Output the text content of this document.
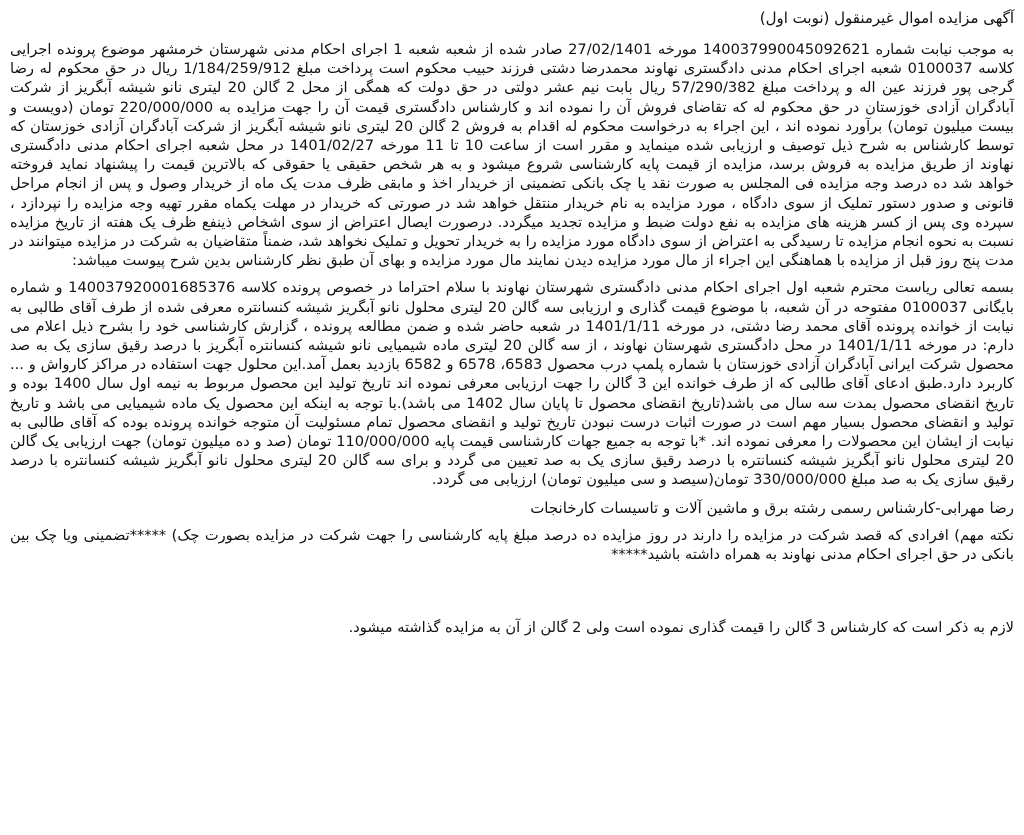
آگهی مزایده اموال غیرمنقول (نوبت اول)

به موجب نیابت شماره 140037990045092621 مورخه 27/02/1401 صادر شده از شعبه شعبه 1 اجرای احکام مدنی شهرستان خرمشهر موضوع پرونده اجرایی کلاسه 0100037 شعبه اجرای احکام مدنی دادگستری نهاوند محمدرضا دشتی فرزند حبیب محکوم است پرداخت مبلغ 1/184/259/912 ریال در حق محکوم له رضا گرجی پور فرزند عین اله و پرداخت مبلغ 57/290/382 ریال بابت نیم عشر دولتی در حق دولت که همگی از محل 2 گالن 20 لیتری نانو شیشه آبگریز از شرکت آبادگران آزادی خوزستان در حق محکوم له که تقاضای فروش آن را نموده اند و کارشناس دادگستری قیمت آن را جهت مزایده به 220/000/000 تومان (دویست و بیست میلیون تومان) برآورد نموده اند ، این اجراء به درخواست محکوم له اقدام به فروش 2 گالن 20 لیتری نانو شیشه آبگریز از شرکت آبادگران آزادی خوزستان که توسط کارشناس به شرح ذیل توصیف و ارزیابی شده مینماید و مقرر است از ساعت 10 تا 11 مورخه 1401/02/27 در محل شعبه اجرای احکام مدنی دادگستری نهاوند از طریق مزایده به فروش برسد، مزایده از قیمت پایه کارشناسی شروع میشود و به هر شخص حقیقی یا حقوقی که بالاترین قیمت را پیشنهاد نماید فروخته خواهد شد ده درصد وجه مزایده فی المجلس به صورت نقد یا چک بانکی تضمینی از خریدار اخذ و مابقی ظرف مدت یک ماه از خریدار وصول و پس از انجام مراحل قانونی و صدور دستور تملیک از سوی دادگاه ، مورد مزایده به نام خریدار منتقل خواهد شد در صورتی که خریدار در مهلت یکماه مقرر تهیه وجه مزایده را نپردازد ، سپرده وی پس از کسر هزینه های مزایده به نفع دولت ضبط و مزایده تجدید میگردد. درصورت ایصال اعتراض از سوی اشخاص ذینفع ظرف یک هفته از تاریخ مزایده نسبت به نحوه انجام مزایده تا رسیدگی به اعتراض از سوی دادگاه مورد مزایده را به خریدار تحویل و تملیک نخواهد شد، ضمناً متقاضیان به شرکت در مزایده میتوانند در مدت پنج روز قبل از مزایده با هماهنگی این اجراء از مال مورد مزایده دیدن نمایند مال مورد مزایده و بهای آن طبق نظر کارشناس بدین شرح پیوست میباشد:

بسمه تعالی ریاست محترم شعبه اول اجرای احکام مدنی دادگستری شهرستان نهاوند با سلام احتراما در خصوص پرونده کلاسه 140037920001685376 و شماره بایگانی 0100037 مفتوحه در آن شعبه، با موضوع قیمت گذاری و ارزیابی سه گالن 20 لیتری محلول نانو آبگریز شیشه کنسانتره معرفی شده از طرف آقای طالبی به نیابت از خوانده پرونده آقای محمد رضا دشتی، در مورخه 1401/1/11 در شعبه حاضر شده و ضمن مطالعه پرونده ، گزارش کارشناسی خود را بشرح ذیل اعلام می دارم: در مورخه 1401/1/11 در محل دادگستری شهرستان نهاوند ، از سه گالن 20 لیتری ماده شیمیایی نانو شیشه کنسانتره آبگریز با درصد رقیق سازی یک به صد محصول شرکت ایرانی آبادگران آزادی خوزستان با شماره پلمپ درب محصول 6583، 6578 و 6582 بازدید بعمل آمد.این محلول جهت استفاده در مراکز کارواش و ... کاربرد دارد.طبق ادعای آقای طالبی که از طرف خوانده این 3 گالن را جهت ارزیابی معرفی نموده اند تاریخ تولید این محصول مربوط به نیمه اول سال 1400 بوده و تاریخ انقضای محصول بمدت سه سال می باشد(تاریخ انقضای محصول تا پایان سال 1402 می باشد).با توجه به اینکه این محصول یک ماده شیمیایی می باشد و تاریخ تولید و انقضای محصول بسیار مهم است در صورت اثبات درست نبودن تاریخ تولید و انقضای محصول تمام مسئولیت آن متوجه خوانده پرونده بوده که آقای طالبی به نیابت از ایشان این محصولات را معرفی نموده اند. *با توجه به جمیع جهات کارشناسی قیمت پایه 110/000/000 تومان (صد و ده میلیون تومان) جهت ارزیابی یک گالن 20 لیتری محلول نانو آبگریز شیشه کنسانتره با درصد رقیق سازی یک به صد تعیین می گردد و برای سه گالن 20 لیتری محلول نانو آبگریز شیشه کنسانتره با درصد رقیق سازی یک به صد مبلغ 330/000/000 تومان(سیصد و سی میلیون تومان) ارزیابی می گردد.

رضا مهرابی-کارشناس رسمی رشته برق و ماشین آلات و تاسیسات کارخانجات
نکته مهم) افرادی که قصد شرکت در مزایده را دارند در روز مزایده ده درصد مبلغ پایه کارشناسی را جهت شرکت در مزایده بصورت چک) *****تضمینی ویا چک بین بانکی در حق اجرای احکام مدنی نهاوند به همراه داشته باشید*****
لازم به ذکر است که کارشناس 3 گالن را قیمت گذاری نموده است ولی 2 گالن از آن به مزایده گذاشته میشود.
